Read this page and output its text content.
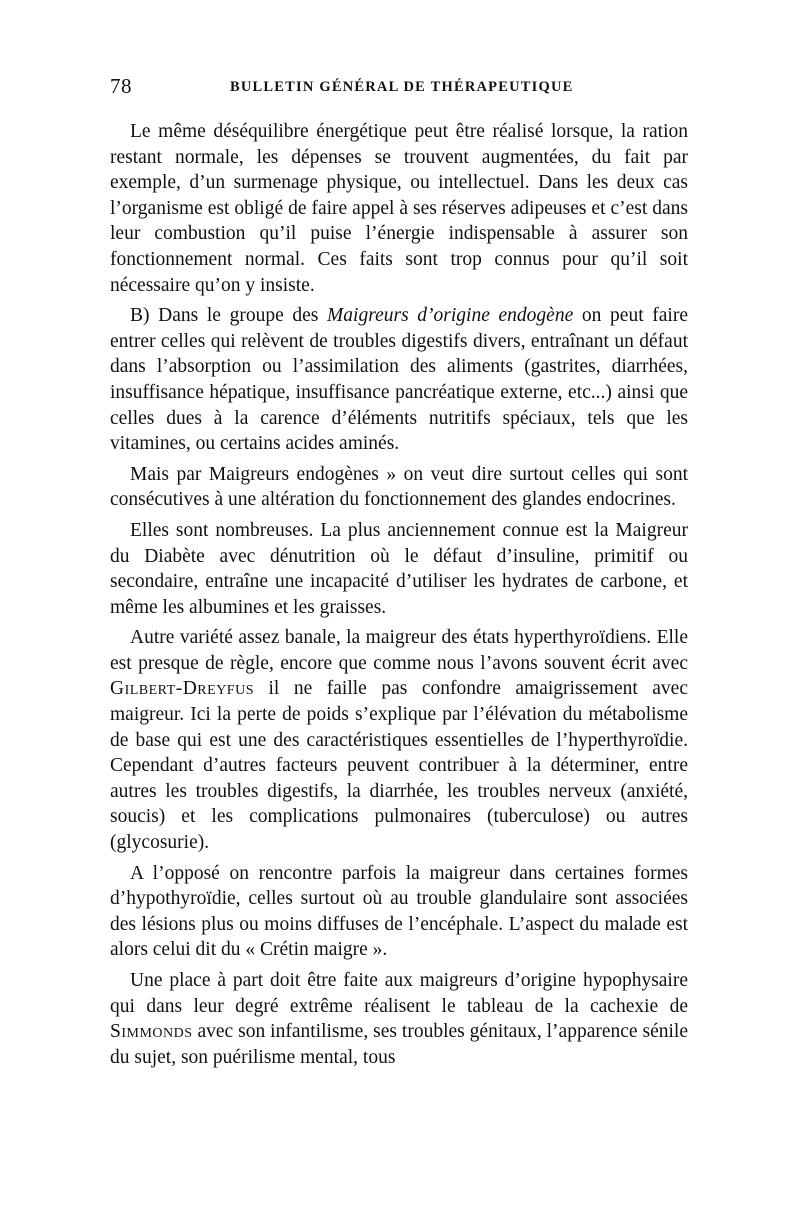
78	BULLETIN GÉNÉRAL DE THÉRAPEUTIQUE

Le même déséquilibre énergétique peut être réalisé lorsque, la ration restant normale, les dépenses se trouvent augmentées, du fait par exemple, d’un surmenage physique, ou intellectuel. Dans les deux cas l’organisme est obligé de faire appel à ses réserves adipeuses et c’est dans leur combustion qu’il puise l’énergie indispensable à assurer son fonctionnement normal. Ces faits sont trop connus pour qu’il soit nécessaire qu’on y insiste.

B) Dans le groupe des Maigreurs d’origine endogène on peut faire entrer celles qui relèvent de troubles digestifs divers, entraînant un défaut dans l’absorption ou l’assimilation des aliments (gastrites, diarrhées, insuffisance hépatique, insuffisance pancréatique externe, etc...) ainsi que celles dues à la carence d’éléments nutritifs spéciaux, tels que les vitamines, ou certains acides aminés.

Mais par Maigreurs endogènes » on veut dire surtout celles qui sont consécutives à une altération du fonctionnement des glandes endocrines.

Elles sont nombreuses. La plus anciennement connue est la Maigreur du Diabète avec dénutrition où le défaut d’insuline, primitif ou secondaire, entraîne une incapacité d’utiliser les hydrates de carbone, et même les albumines et les graisses.

Autre variété assez banale, la maigreur des états hyperthyroïdiens. Elle est presque de règle, encore que comme nous l’avons souvent écrit avec Gilbert-Dreyfus il ne faille pas confondre amaigrissement avec maigreur. Ici la perte de poids s’explique par l’élévation du métabolisme de base qui est une des caractéristiques essentielles de l’hyperthyroïdie. Cependant d’autres facteurs peuvent contribuer à la déterminer, entre autres les troubles digestifs, la diarrhée, les troubles nerveux (anxiété, soucis) et les complications pulmonaires (tuberculose) ou autres (glycosurie).

A l’opposé on rencontre parfois la maigreur dans certaines formes d’hypothyroïdie, celles surtout où au trouble glandulaire sont associées des lésions plus ou moins diffuses de l’encéphale. L’aspect du malade est alors celui dit du « Crétin maigre ».

Une place à part doit être faite aux maigreurs d’origine hypophysaire qui dans leur degré extrême réalisent le tableau de la cachexie de Simmonds avec son infantilisme, ses troubles génitaux, l’apparence sénile du sujet, son puérilisme mental, tous
